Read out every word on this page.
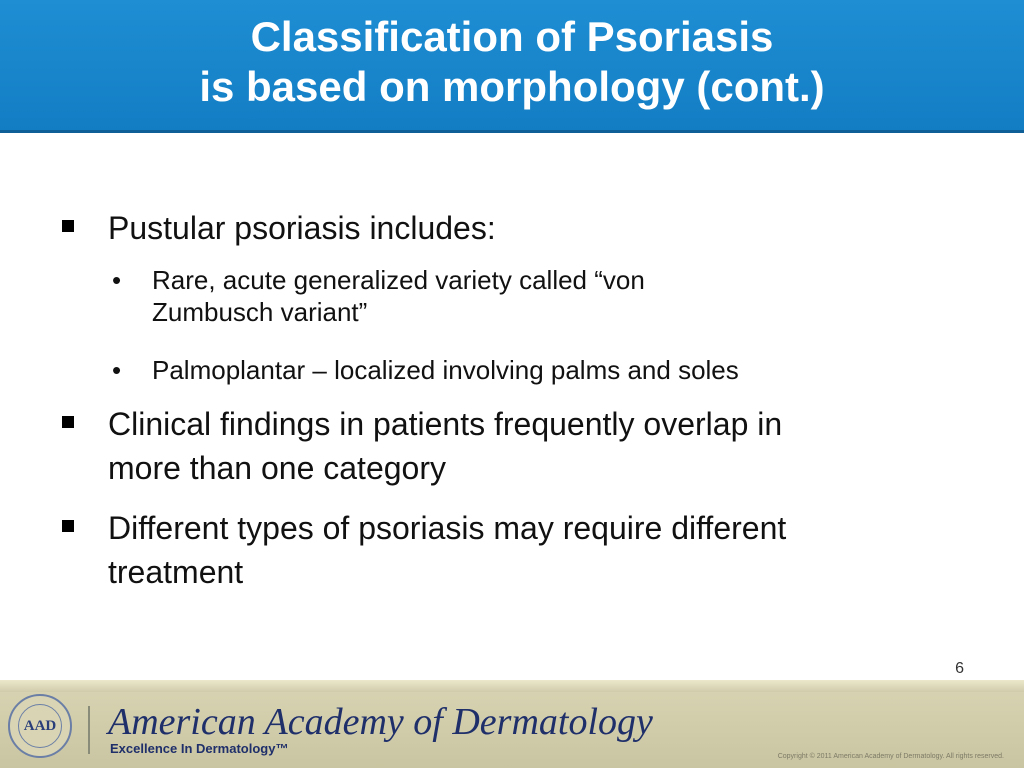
Classification of Psoriasis
is based on morphology (cont.)
Pustular psoriasis includes:
• Rare, acute generalized variety called “von
Zumbusch variant”
• Palmoplantar – localized involving palms and soles
Clinical findings in patients frequently overlap in
more than one category
Different types of psoriasis may require different
treatment
6
AAD American Academy of Dermatology
Excellence In Dermatology™
Copyright © 2011 American Academy of Dermatology. All rights reserved.
